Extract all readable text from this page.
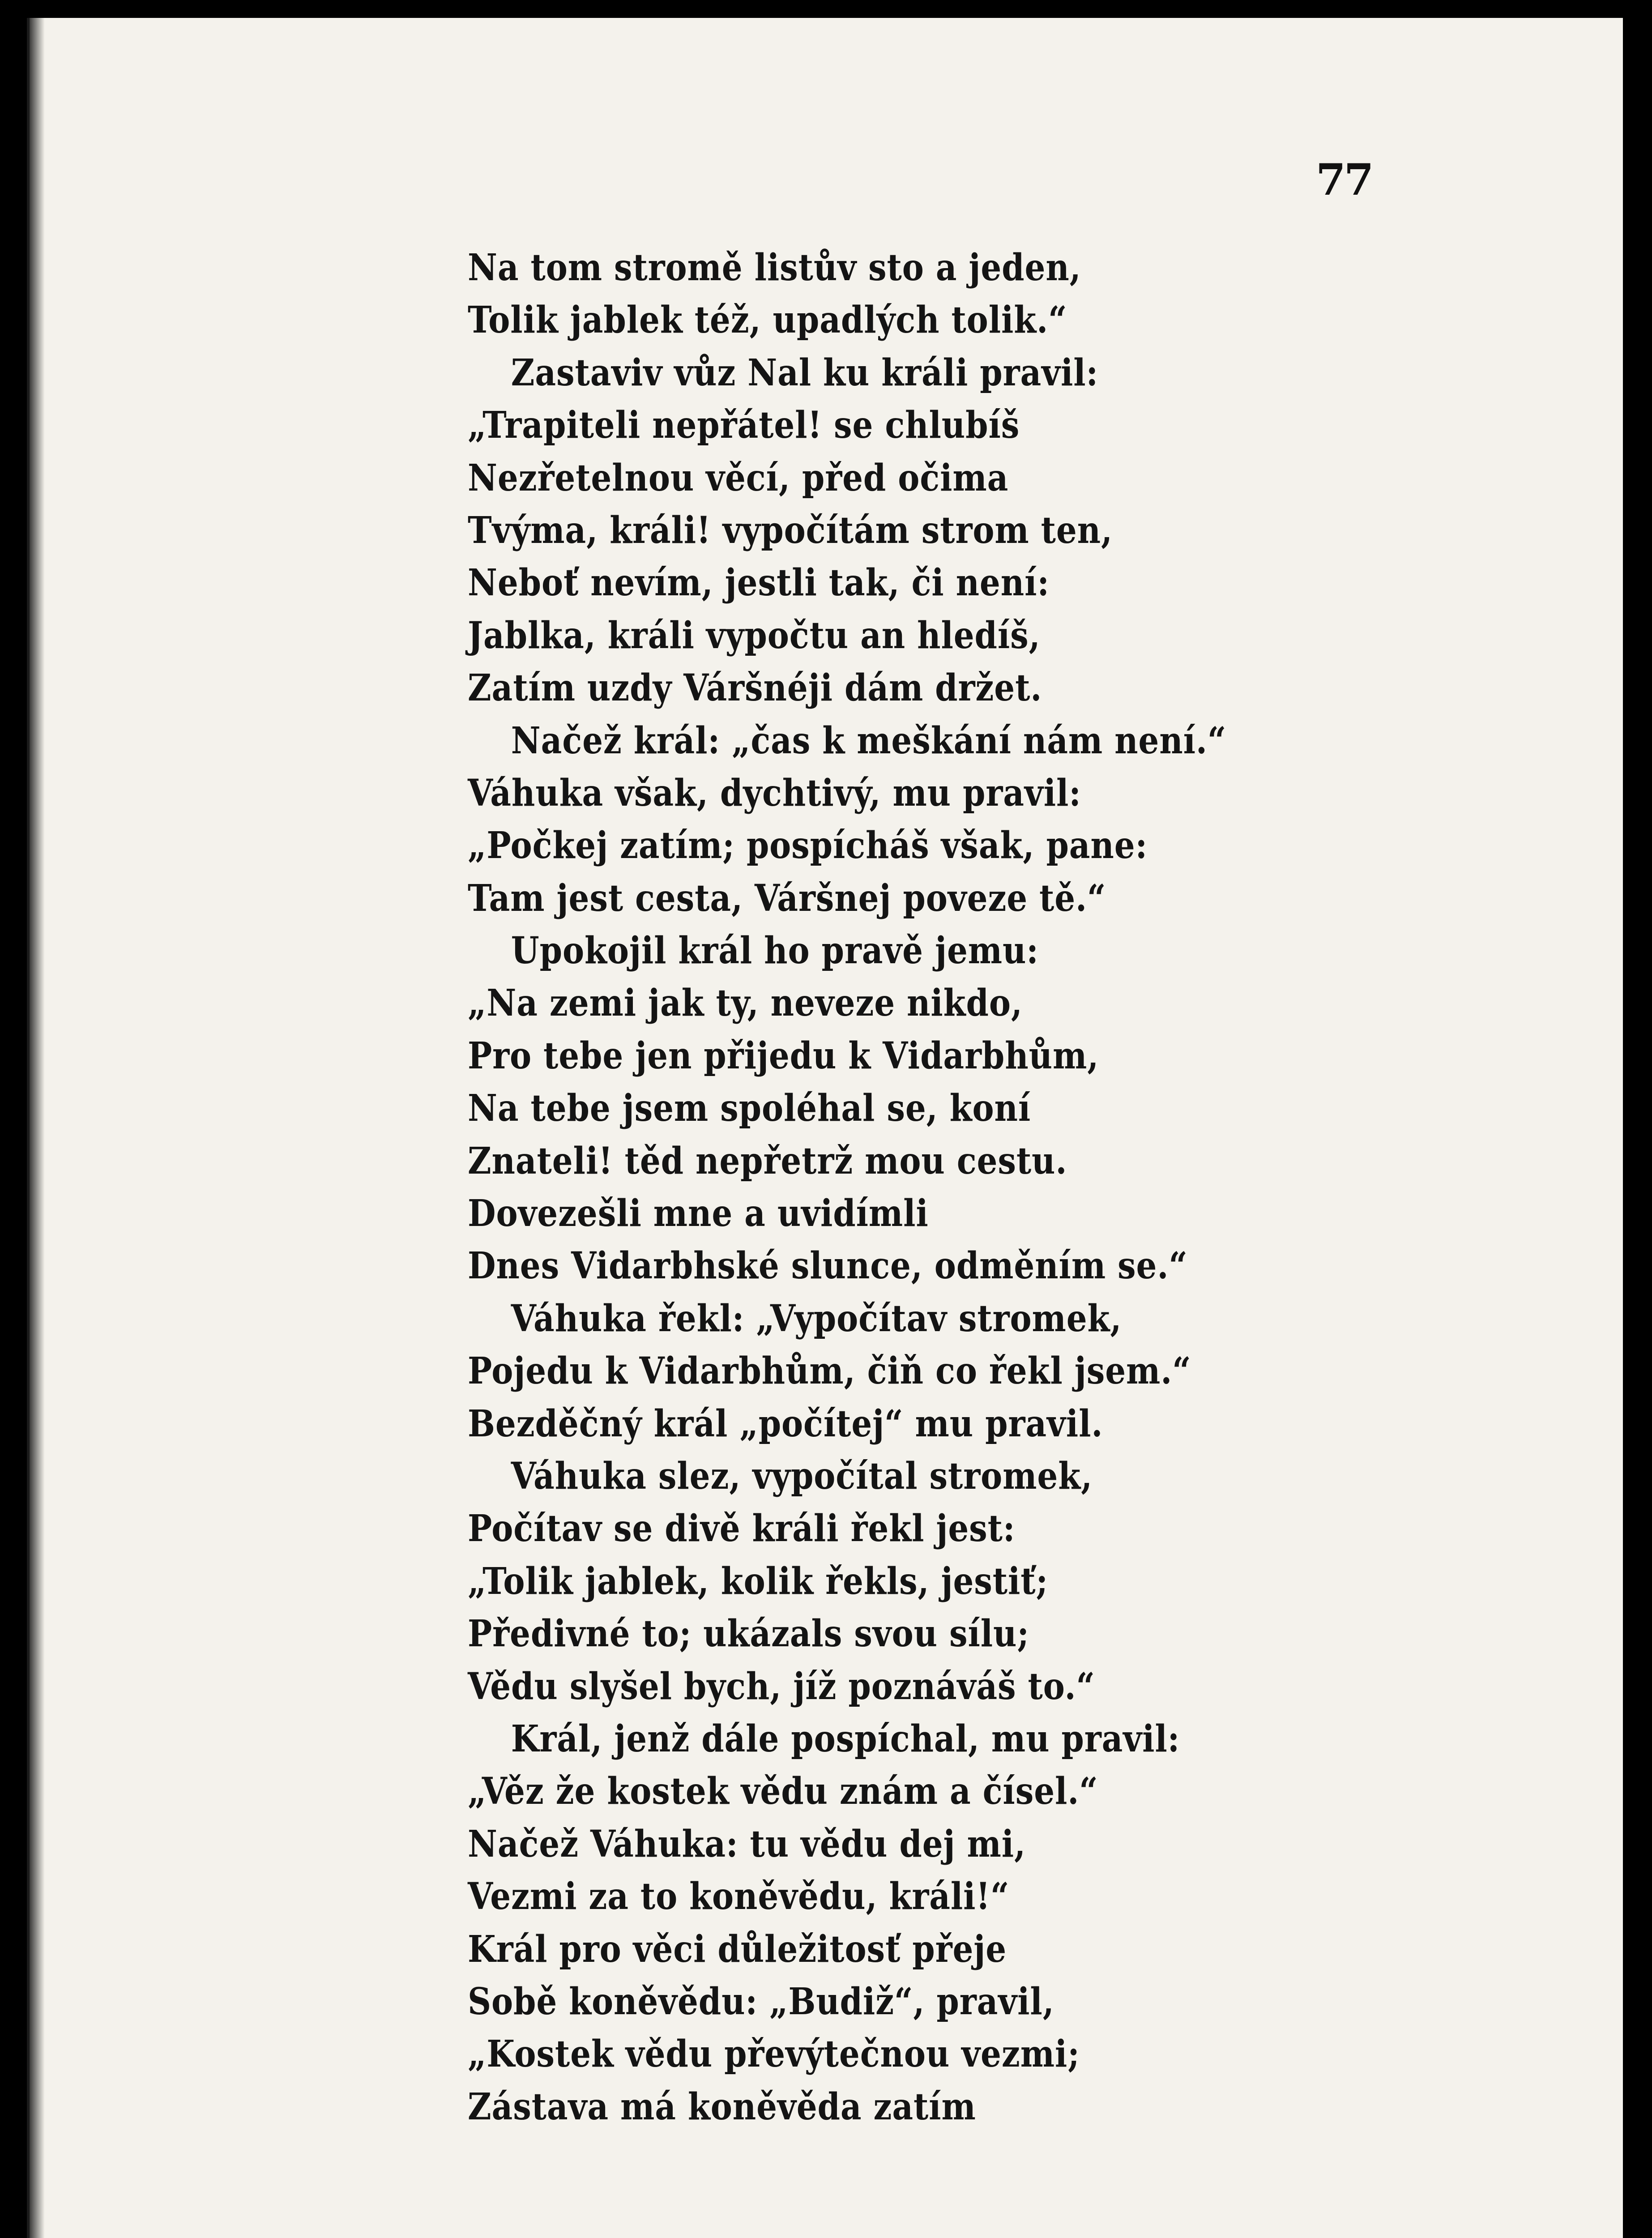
77
Na tom stromě listův sto a jeden,
Tolik jablek též, upadlých tolik.“
Zastaviv vůz Nal ku králi pravil:
„Trapiteli nepřátel! se chlubíš
Nezřetelnou věcí, před očima
Tvýma, králi! vypočítám strom ten,
Neboť nevím, jestli tak, či není:
Jablka, králi vypočtu an hledíš,
Zatím uzdy Váršnéji dám držet.
Načež král: „čas k meškání nám není.“
Váhuka však, dychtivý, mu pravil:
„Počkej zatím; pospícháš však, pane:
Tam jest cesta, Váršnej poveze tě.“
Upokojil král ho pravě jemu:
„Na zemi jak ty, neveze nikdo,
Pro tebe jen přijedu k Vidarbhům,
Na tebe jsem spoléhal se, koní
Znateli! těd nepřetrž mou cestu.
Dovezešli mne a uvidímli
Dnes Vidarbhské slunce, odměním se.“
Váhuka řekl: „Vypočítav stromek,
Pojedu k Vidarbhům, čiň co řekl jsem.“
Bezděčný král „počítej“ mu pravil.
Váhuka slez, vypočítal stromek,
Počítav se divě králi řekl jest:
„Tolik jablek, kolik řekls, jestiť;
Předivné to; ukázals svou sílu;
Vědu slyšel bych, jíž poznáváš to.“
Král, jenž dále pospíchal, mu pravil:
„Věz že kostek vědu znám a čísel.“
Načež Váhuka: tu vědu dej mi,
Vezmi za to koněvědu, králi!“
Král pro věci důležitosť přeje
Sobě koněvědu: „Budiž“, pravil,
„Kostek vědu převýtečnou vezmi;
Zástava má koněvěda zatím
